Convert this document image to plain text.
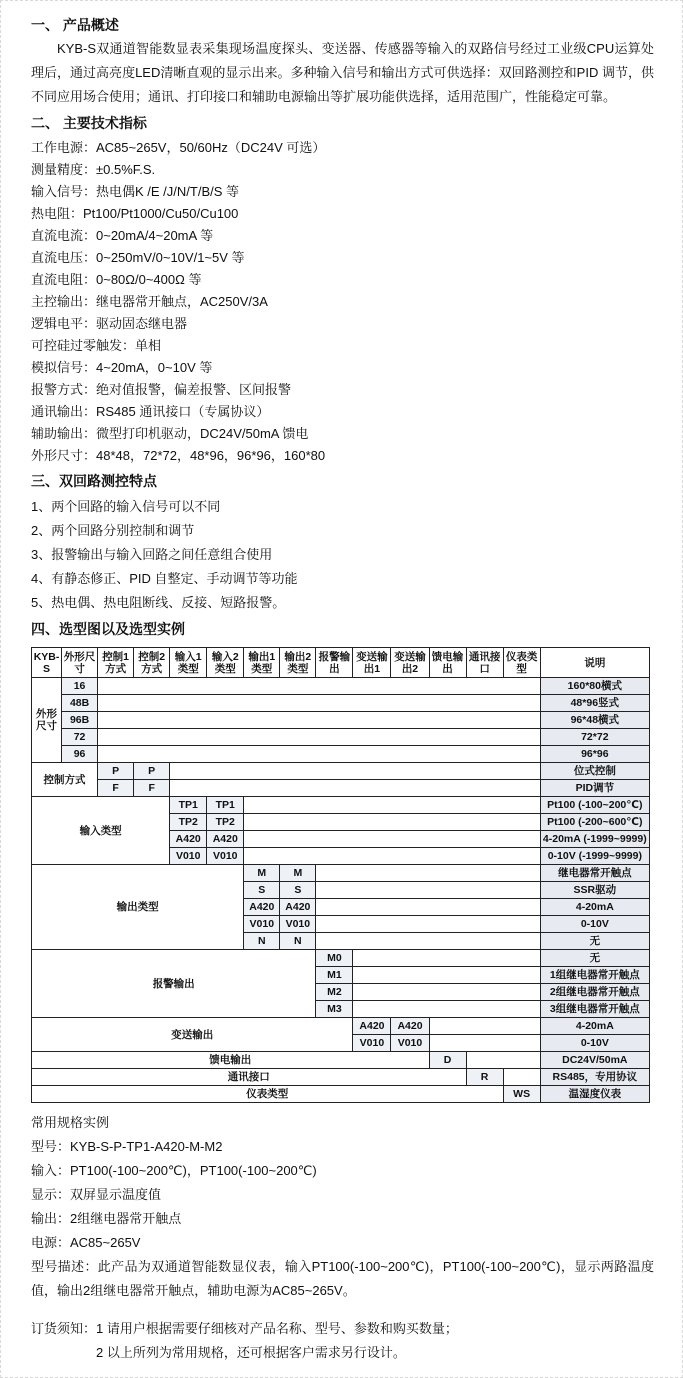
一、 产品概述

KYB-S双通道智能数显表采集现场温度探头、变送器、传感器等输入的双路信号经过工业级CPU运算处理后，通过高亮度LED清晰直观的显示出来。多种输入信号和输出方式可供选择：双回路测控和PID 调节，供不同应用场合使用；通讯、打印接口和辅助电源输出等扩展功能供选择，适用范围广，性能稳定可靠。

二、 主要技术指标
工作电源：AC85~265V，50/60Hz（DC24V 可选）
测量精度：±0.5%F.S.
输入信号：热电偶K /E /J/N/T/B/S 等
热电阻：Pt100/Pt1000/Cu50/Cu100
直流电流：0~20mA/4~20mA 等
直流电压：0~250mV/0~10V/1~5V 等
直流电阻：0~80Ω/0~400Ω 等
主控输出：继电器常开触点，AC250V/3A
逻辑电平：驱动固态继电器
可控硅过零触发：单相
模拟信号：4~20mA，0~10V 等
报警方式：绝对值报警，偏差报警、区间报警
通讯输出：RS485 通讯接口（专属协议）
辅助输出：微型打印机驱动，DC24V/50mA 馈电
外形尺寸：48*48，72*72，48*96，96*96，160*80
三、双回路测控特点
1、两个回路的输入信号可以不同
2、两个回路分别控制和调节
3、报警输出与输入回路之间任意组合使用
4、有静态修正、PID 自整定、手动调节等功能
5、热电偶、热电阻断线、反接、短路报警。
四、选型图以及选型实例
KYB-S	外形尺寸	控制1方式	控制2方式	输入1类型	输入2类型	输出1类型	输出2类型	报警输出	变送输出1	变送输出2	馈电输出	通讯接口	仪表类型	说明
外形尺寸	16													160*80横式
	48B													48*96竖式
	96B													96*48横式
	72													72*72
	96													96*96
控制方式		P	P											位式控制
		F	F											PID调节
输入类型				TP1	TP1									Pt100 (-100~200℃)
				TP2	TP2									Pt100 (-200~600℃)
				A420	A420									4-20mA (-1999~9999)
				V010	V010									0-10V (-1999~9999)
输出类型						M	M							继电器常开触点
						S	S							SSR驱动
						A420	A420							4-20mA
						V010	V010							0-10V
						N	N							无
报警输出								M0						无
								M1						1组继电器常开触点
								M2						2组继电器常开触点
								M3						3组继电器常开触点
变送输出									A420	A420				4-20mA
									V010	V010				0-10V
馈电输出											D			DC24V/50mA
通讯接口												R		RS485，专用协议
仪表类型													WS	温湿度仪表
常用规格实例
型号：KYB-S-P-TP1-A420-M-M2
输入：PT100(-100~200℃)，PT100(-100~200℃)
显示：双屏显示温度值
输出：2组继电器常开触点
电源：AC85~265V

型号描述：此产品为双通道智能数显仪表，输入PT100(-100~200℃)，PT100(-100~200℃)，显示两路温度值，输出2组继电器常开触点，辅助电源为AC85~265V。

订货须知：1 请用户根据需要仔细核对产品名称、型号、参数和购买数量；
2 以上所列为常用规格，还可根据客户需求另行设计。
